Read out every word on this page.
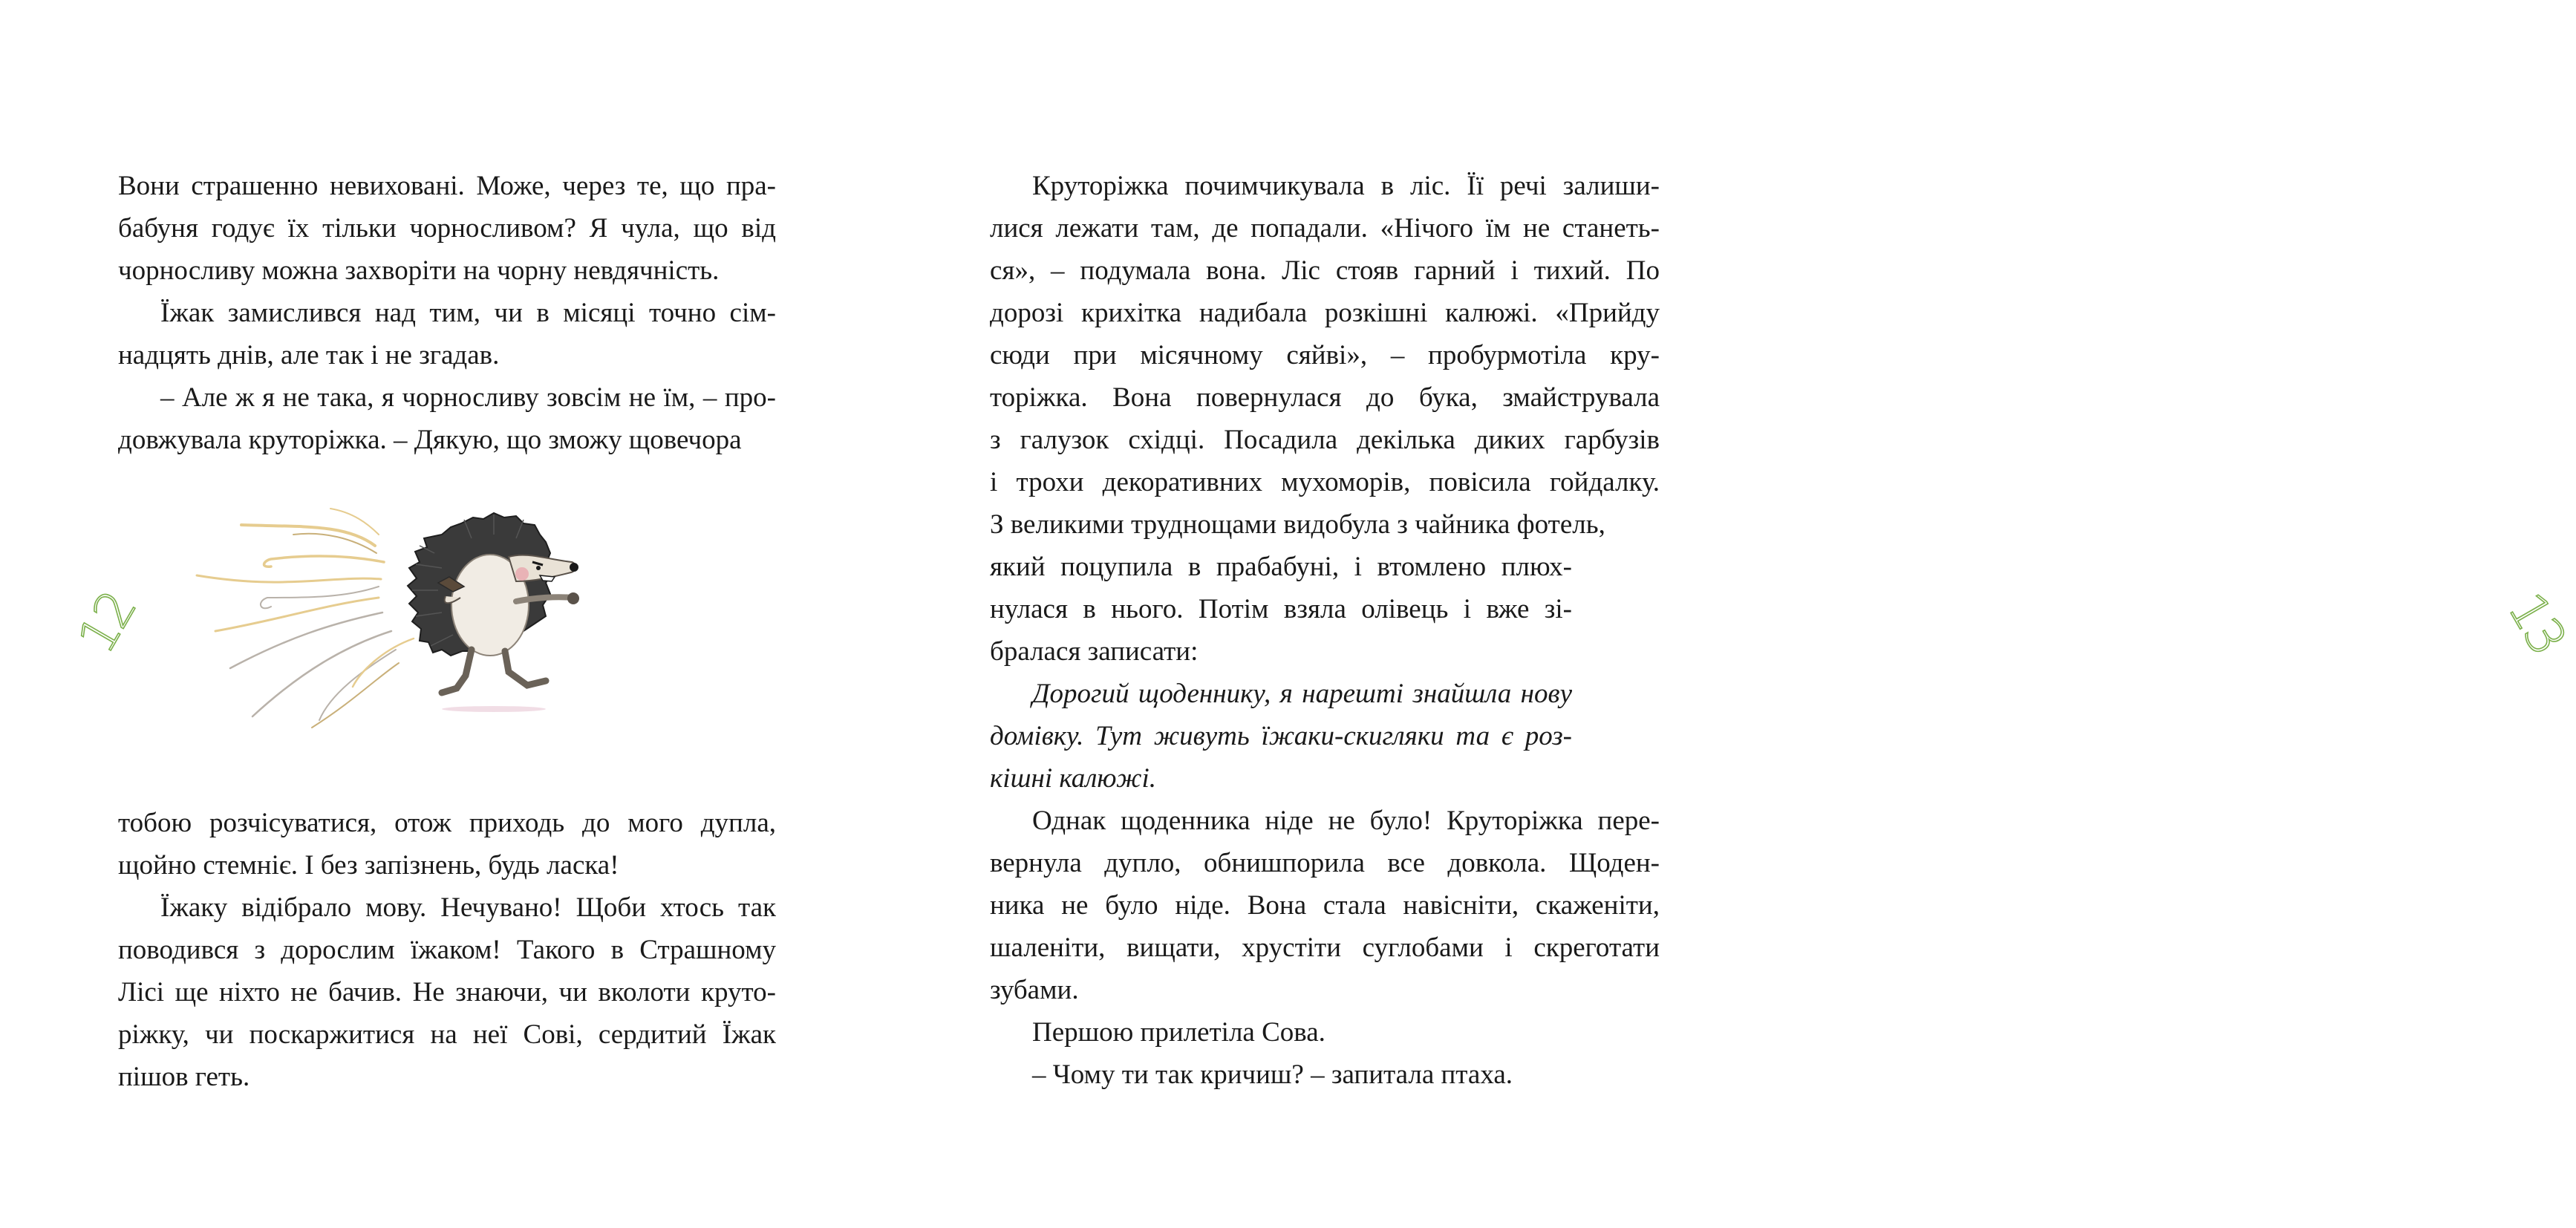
Вони страшенно невиховані. Може, через те, що пра-
бабуня годує їх тільки чорносливом? Я чула, що від
чорносливу можна захворіти на чорну невдячність.

Їжак замислився над тим, чи в місяці точно сім-
надцять днів, але так і не згадав.

– Але ж я не така, я чорносливу зовсім не їм, – про-
довжувала круторіжка. – Дякую, що зможу щовечора

12

тобою розчісуватися, отож приходь до мого дупла,
щойно стемніє. І без запізнень, будь ласка!

Їжаку відібрало мову. Нечувано! Щоби хтось так
поводився з дорослим їжаком! Такого в Страшному
Лісі ще ніхто не бачив. Не знаючи, чи вколоти круто-
ріжку, чи поскаржитися на неї Сові, сердитий Їжак
пішов геть.

Круторіжка почимчикувала в ліс. Її речі залиши-
лися лежати там, де попадали. «Нічого їм не станеть-
ся», – подумала вона. Ліс стояв гарний і тихий. По
дорозі крихітка надибала розкішні калюжі. «Прийду
сюди при місячному сяйві», – пробурмотіла кру-
торіжка. Вона повернулася до бука, змайструвала
з галузок східці. Посадила декілька диких гарбузів
і трохи декоративних мухоморів, повісила гойдалку.
З великими труднощами видобула з чайника фотель,

який поцупила в прабабуні, і втомлено плюх-
нулася в нього. Потім взяла олівець і вже зі-
бралася записати:

Дорогий щоденнику, я нарешті знайшла нову
домівку. Тут живуть їжаки-скигляки та є роз-
кішні калюжі.

Однак щоденника ніде не було! Круторіжка пере-
вернула дупло, обнишпорила все довкола. Щоден-
ника не було ніде. Вона стала навісніти, скаженіти,
шаленіти, вищати, хрустіти суглобами і скреготати
зубами.

Першою прилетіла Сова.

– Чому ти так кричиш? – запитала птаха.

13
